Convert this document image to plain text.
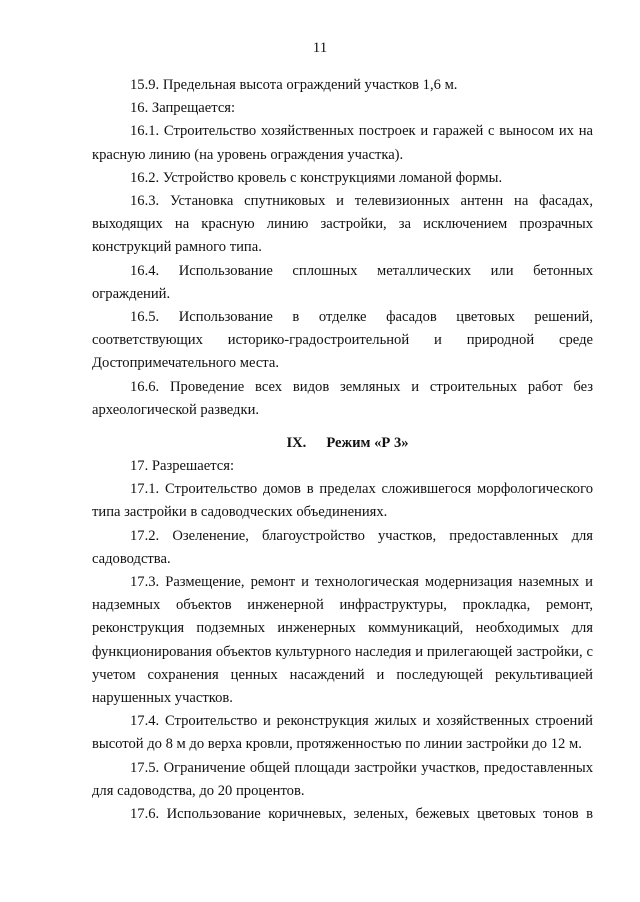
11

15.9. Предельная высота ограждений участков 1,6 м.

16. Запрещается:

16.1. Строительство хозяйственных построек и гаражей с выносом их на красную линию (на уровень ограждения участка).

16.2. Устройство кровель с конструкциями ломаной формы.

16.3. Установка спутниковых и телевизионных антенн на фасадах, выходящих на красную линию застройки, за исключением прозрачных конструкций рамного типа.

16.4. Использование сплошных металлических или бетонных ограждений.

16.5. Использование в отделке фасадов цветовых решений, соответствующих историко-градостроительной и природной среде Достопримечательного места.

16.6. Проведение всех видов земляных и строительных работ без археологической разведки.

IX. Режим «Р 3»

17. Разрешается:

17.1. Строительство домов в пределах сложившегося морфологического типа застройки в садоводческих объединениях.

17.2. Озеленение, благоустройство участков, предоставленных для садоводства.

17.3. Размещение, ремонт и технологическая модернизация наземных и надземных объектов инженерной инфраструктуры, прокладка, ремонт, реконструкция подземных инженерных коммуникаций, необходимых для функционирования объектов культурного наследия и прилегающей застройки, с учетом сохранения ценных насаждений и последующей рекультивацией нарушенных участков.

17.4. Строительство и реконструкция жилых и хозяйственных строений высотой до 8 м до верха кровли, протяженностью по линии застройки до 12 м.

17.5. Ограничение общей площади застройки участков, предоставленных для садоводства, до 20 процентов.

17.6. Использование коричневых, зеленых, бежевых цветовых тонов в
